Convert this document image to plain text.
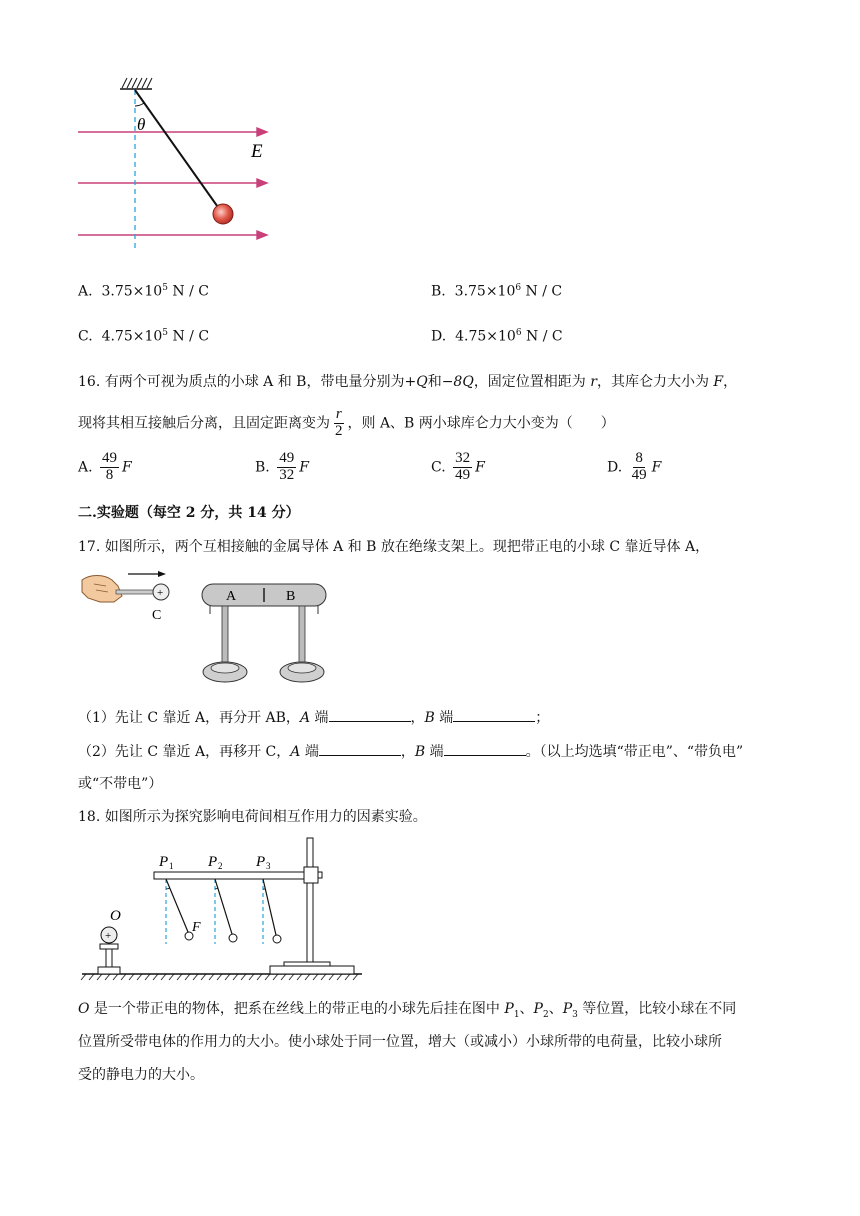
θ
E
A. $3.75\times 10^5$ N / C	B. $3.75\times 10^6$ N / C
C. $4.75\times 10^5$ N / C	D. $4.75\times 10^6$ N / C
16. 有两个可视为质点的小球 A 和 B，带电量分别为+Q和−8Q，固定位置相距为 r，其库仑力大小为 F，
现将其相互接触后分离，且固定距离变为 $\frac{r}{2}$ ，则 A、B 两小球库仑力大小变为（　　）
A. $\frac{49}{8}$ F	B. $\frac{49}{32}$ F	C. $\frac{32}{49}$ F	D. $\frac{8}{49}$ F
二.实验题（每空 2 分，共 14 分）
17. 如图所示，两个互相接触的金属导体 A 和 B 放在绝缘支架上。现把带正电的小球 C 靠近导体 A，
+
C
A	B
（1）先让 C 靠近 A，再分开 AB，A 端	，B 端	；
（2）先让 C 靠近 A，再移开 C，A 端	，B 端	。（以上均选填“带正电”、“带负电”
或“不带电”）
18. 如图所示为探究影响电荷间相互作用力的因素实验。
P 1 P 2 P 3
F
O
+
O 是一个带正电的物体，把系在丝线上的带正电的小球先后挂在图中 $P_1$、$P_2$、$P_3$ 等位置，比较小球在不同
位置所受带电体的作用力的大小。使小球处于同一位置，增大（或减小）小球所带的电荷量，比较小球所
受的静电力的大小。
